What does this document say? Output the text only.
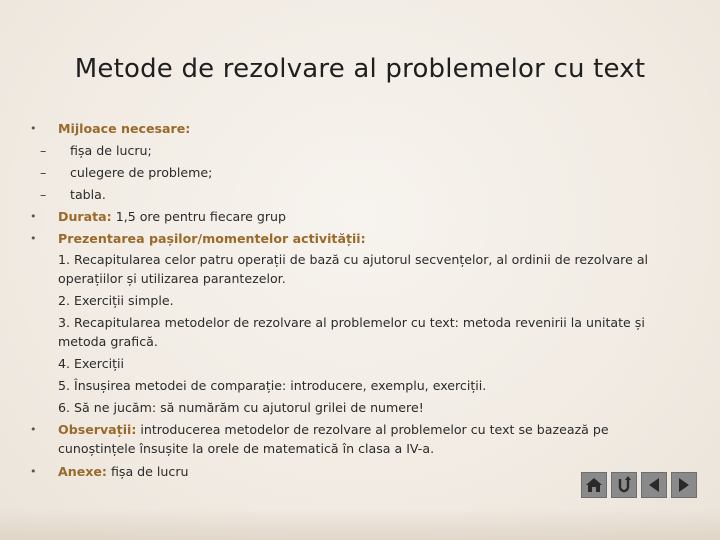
Metode de rezolvare al problemelor cu text
• Mijloace necesare:
– fișa de lucru;
– culegere de probleme;
– tabla.
• Durata: 1,5 ore pentru fiecare grup
• Prezentarea pașilor/momentelor activității:
1. Recapitularea celor patru operații de bază cu ajutorul secvențelor, al ordinii de rezolvare al operațiilor și utilizarea parantezelor.
2. Exerciții simple.
3. Recapitularea metodelor de rezolvare al problemelor cu text: metoda revenirii la unitate și metoda grafică.
4. Exerciții
5. Însușirea metodei de comparație: introducere, exemplu, exerciții.
6. Să ne jucăm: să numărăm cu ajutorul grilei de numere!
• Observații: introducerea metodelor de rezolvare al problemelor cu text se bazează pe cunoștințele însușite la orele de matematică în clasa a IV-a.
• Anexe: fișa de lucru
